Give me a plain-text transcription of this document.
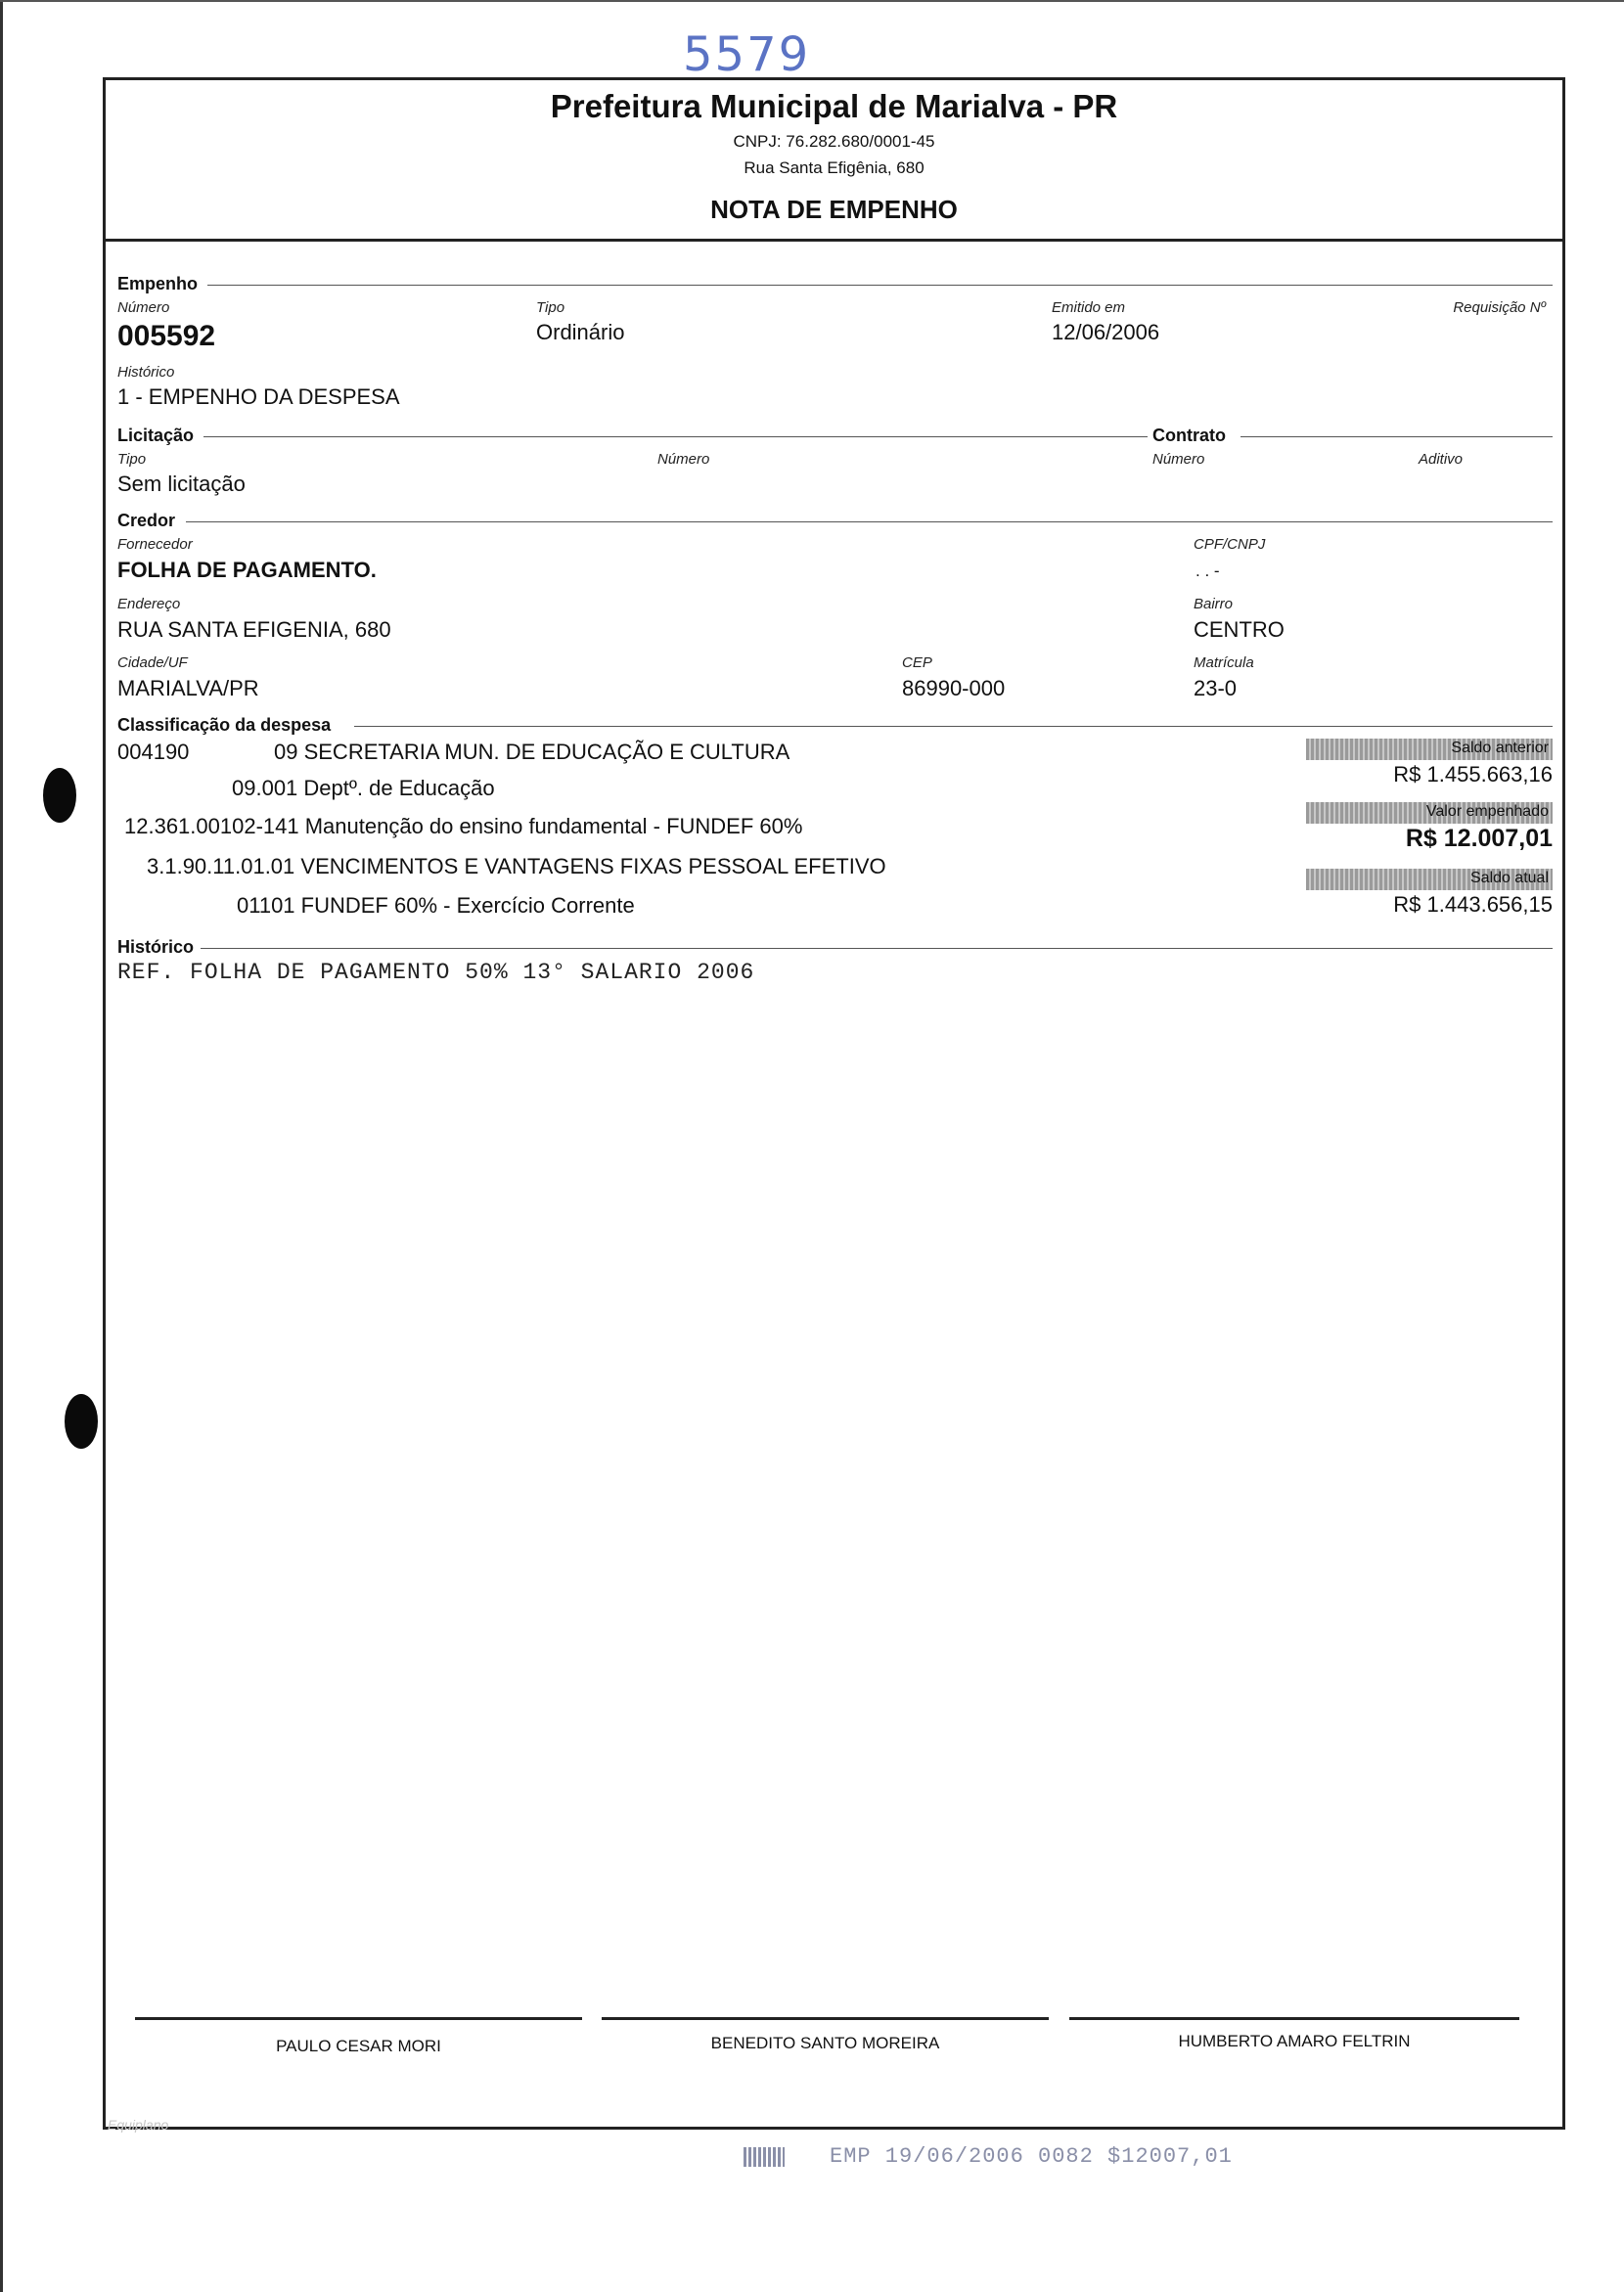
5579
Prefeitura Municipal de Marialva - PR
CNPJ: 76.282.680/0001-45
Rua Santa Efigênia, 680
NOTA DE EMPENHO
Empenho
Número
005592
Tipo
Ordinário
Emitido em
12/06/2006
Requisição Nº
Histórico
1 - EMPENHO DA DESPESA
Licitação	Contrato
Tipo
Sem licitação
Número	Número	Aditivo
Credor
Fornecedor
FOLHA DE PAGAMENTO.
CPF/CNPJ
. . -
Endereço
RUA SANTA EFIGENIA, 680
Bairro
CENTRO
Cidade/UF
MARIALVA/PR
CEP
86990-000
Matrícula
23-0
Classificação da despesa
004190	09 SECRETARIA MUN. DE EDUCAÇÃO E CULTURA
09.001 Deptº. de Educação
12.361.00102-141 Manutenção do ensino fundamental - FUNDEF 60%
3.1.90.11.01.01 VENCIMENTOS E VANTAGENS FIXAS PESSOAL EFETIVO
01101 FUNDEF 60% - Exercício Corrente
Saldo anterior
R$ 1.455.663,16
Valor empenhado
R$ 12.007,01
Saldo atual
R$ 1.443.656,15
Histórico
REF. FOLHA DE PAGAMENTO 50% 13° SALARIO 2006
PAULO CESAR MORI	BENEDITO SANTO MOREIRA	HUMBERTO AMARO FELTRIN
Equiplano
EMP 19/06/2006 0082 $12007,01
